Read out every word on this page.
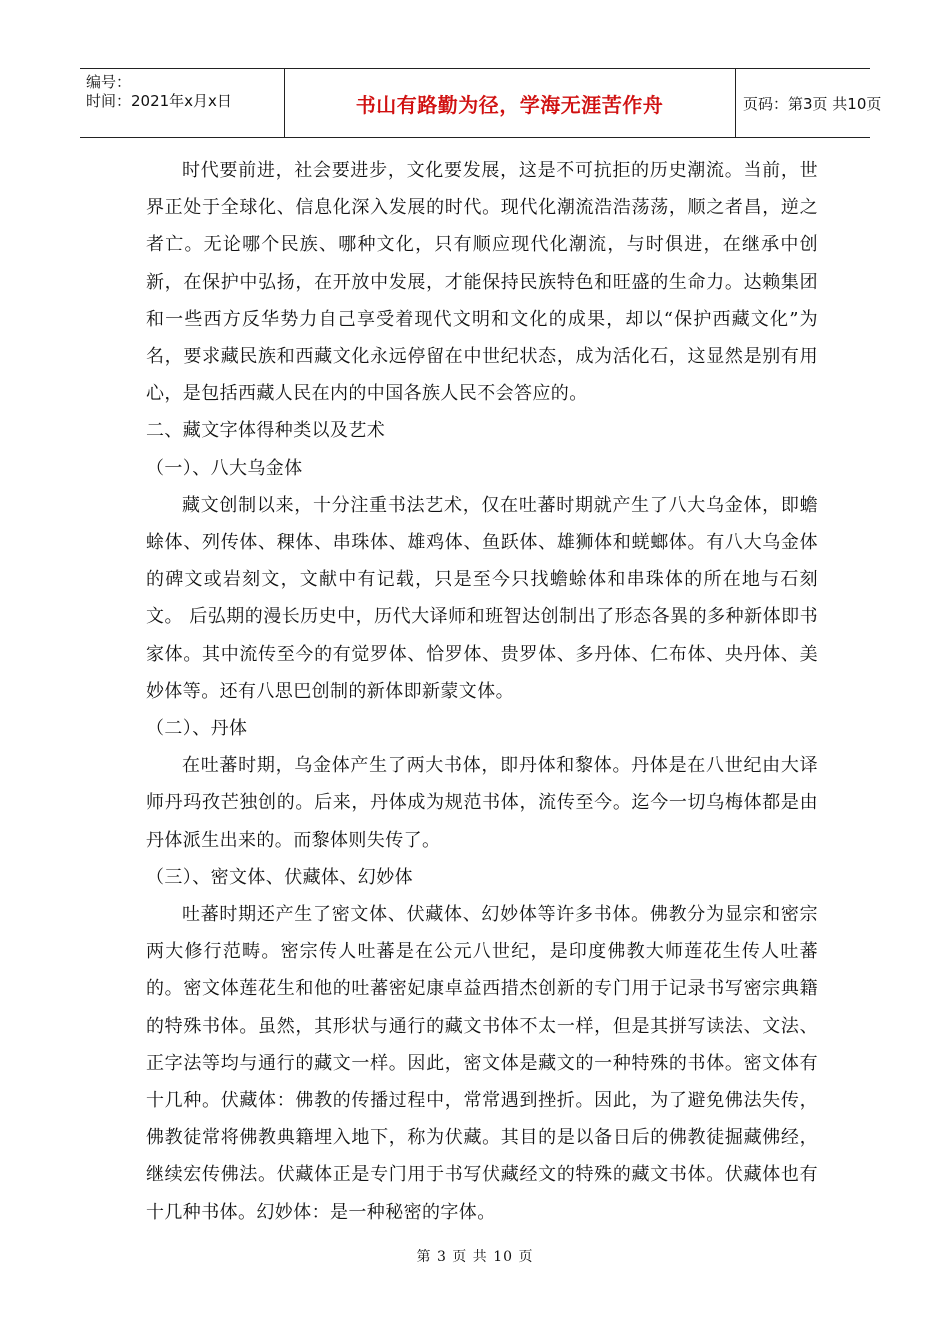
编号：
时间：2021年x月x日	书山有路勤为径，学海无涯苦作舟	页码：第3页 共10页

时代要前进，社会要进步，文化要发展，这是不可抗拒的历史潮流。当前，世界正处于全球化、信息化深入发展的时代。现代化潮流浩浩荡荡，顺之者昌，逆之者亡。无论哪个民族、哪种文化，只有顺应现代化潮流，与时俱进，在继承中创新，在保护中弘扬，在开放中发展，才能保持民族特色和旺盛的生命力。达赖集团和一些西方反华势力自己享受着现代文明和文化的成果，却以“保护西藏文化”为名，要求藏民族和西藏文化永远停留在中世纪状态，成为活化石，这显然是别有用心，是包括西藏人民在内的中国各族人民不会答应的。

二、藏文字体得种类以及艺术

（一）、八大乌金体

藏文创制以来，十分注重书法艺术，仅在吐蕃时期就产生了八大乌金体，即蟾蜍体、列传体、稞体、串珠体、雄鸡体、鱼跃体、雄狮体和蜣螂体。有八大乌金体的碑文或岩刻文，文献中有记载，只是至今只找蟾蜍体和串珠体的所在地与石刻文。 后弘期的漫长历史中，历代大译师和班智达创制出了形态各異的多种新体即书家体。其中流传至今的有觉罗体、恰罗体、贵罗体、多丹体、仁布体、央丹体、美妙体等。还有八思巴创制的新体即新蒙文体。

（二）、丹体

在吐蕃时期，乌金体产生了两大书体，即丹体和黎体。丹体是在八世纪由大译师丹玛孜芒独创的。后来，丹体成为规范书体，流传至今。迄今一切乌梅体都是由丹体派生出来的。而黎体则失传了。

（三）、密文体、伏藏体、幻妙体

吐蕃时期还产生了密文体、伏藏体、幻妙体等许多书体。佛教分为显宗和密宗两大修行范畴。密宗传人吐蕃是在公元八世纪，是印度佛教大师莲花生传人吐蕃的。密文体莲花生和他的吐蕃密妃康卓益西措杰创新的专门用于记录书写密宗典籍的特殊书体。虽然，其形状与通行的藏文书体不太一样，但是其拼写读法、文法、正字法等均与通行的藏文一样。因此，密文体是藏文的一种特殊的书体。密文体有十几种。伏藏体：佛教的传播过程中，常常遇到挫折。因此，为了避免佛法失传，佛教徒常将佛教典籍埋入地下，称为伏藏。其目的是以备日后的佛教徒掘藏佛经，继续宏传佛法。伏藏体正是专门用于书写伏藏经文的特殊的藏文书体。伏藏体也有十几种书体。幻妙体：是一种秘密的字体。

第 3 页 共 10 页
